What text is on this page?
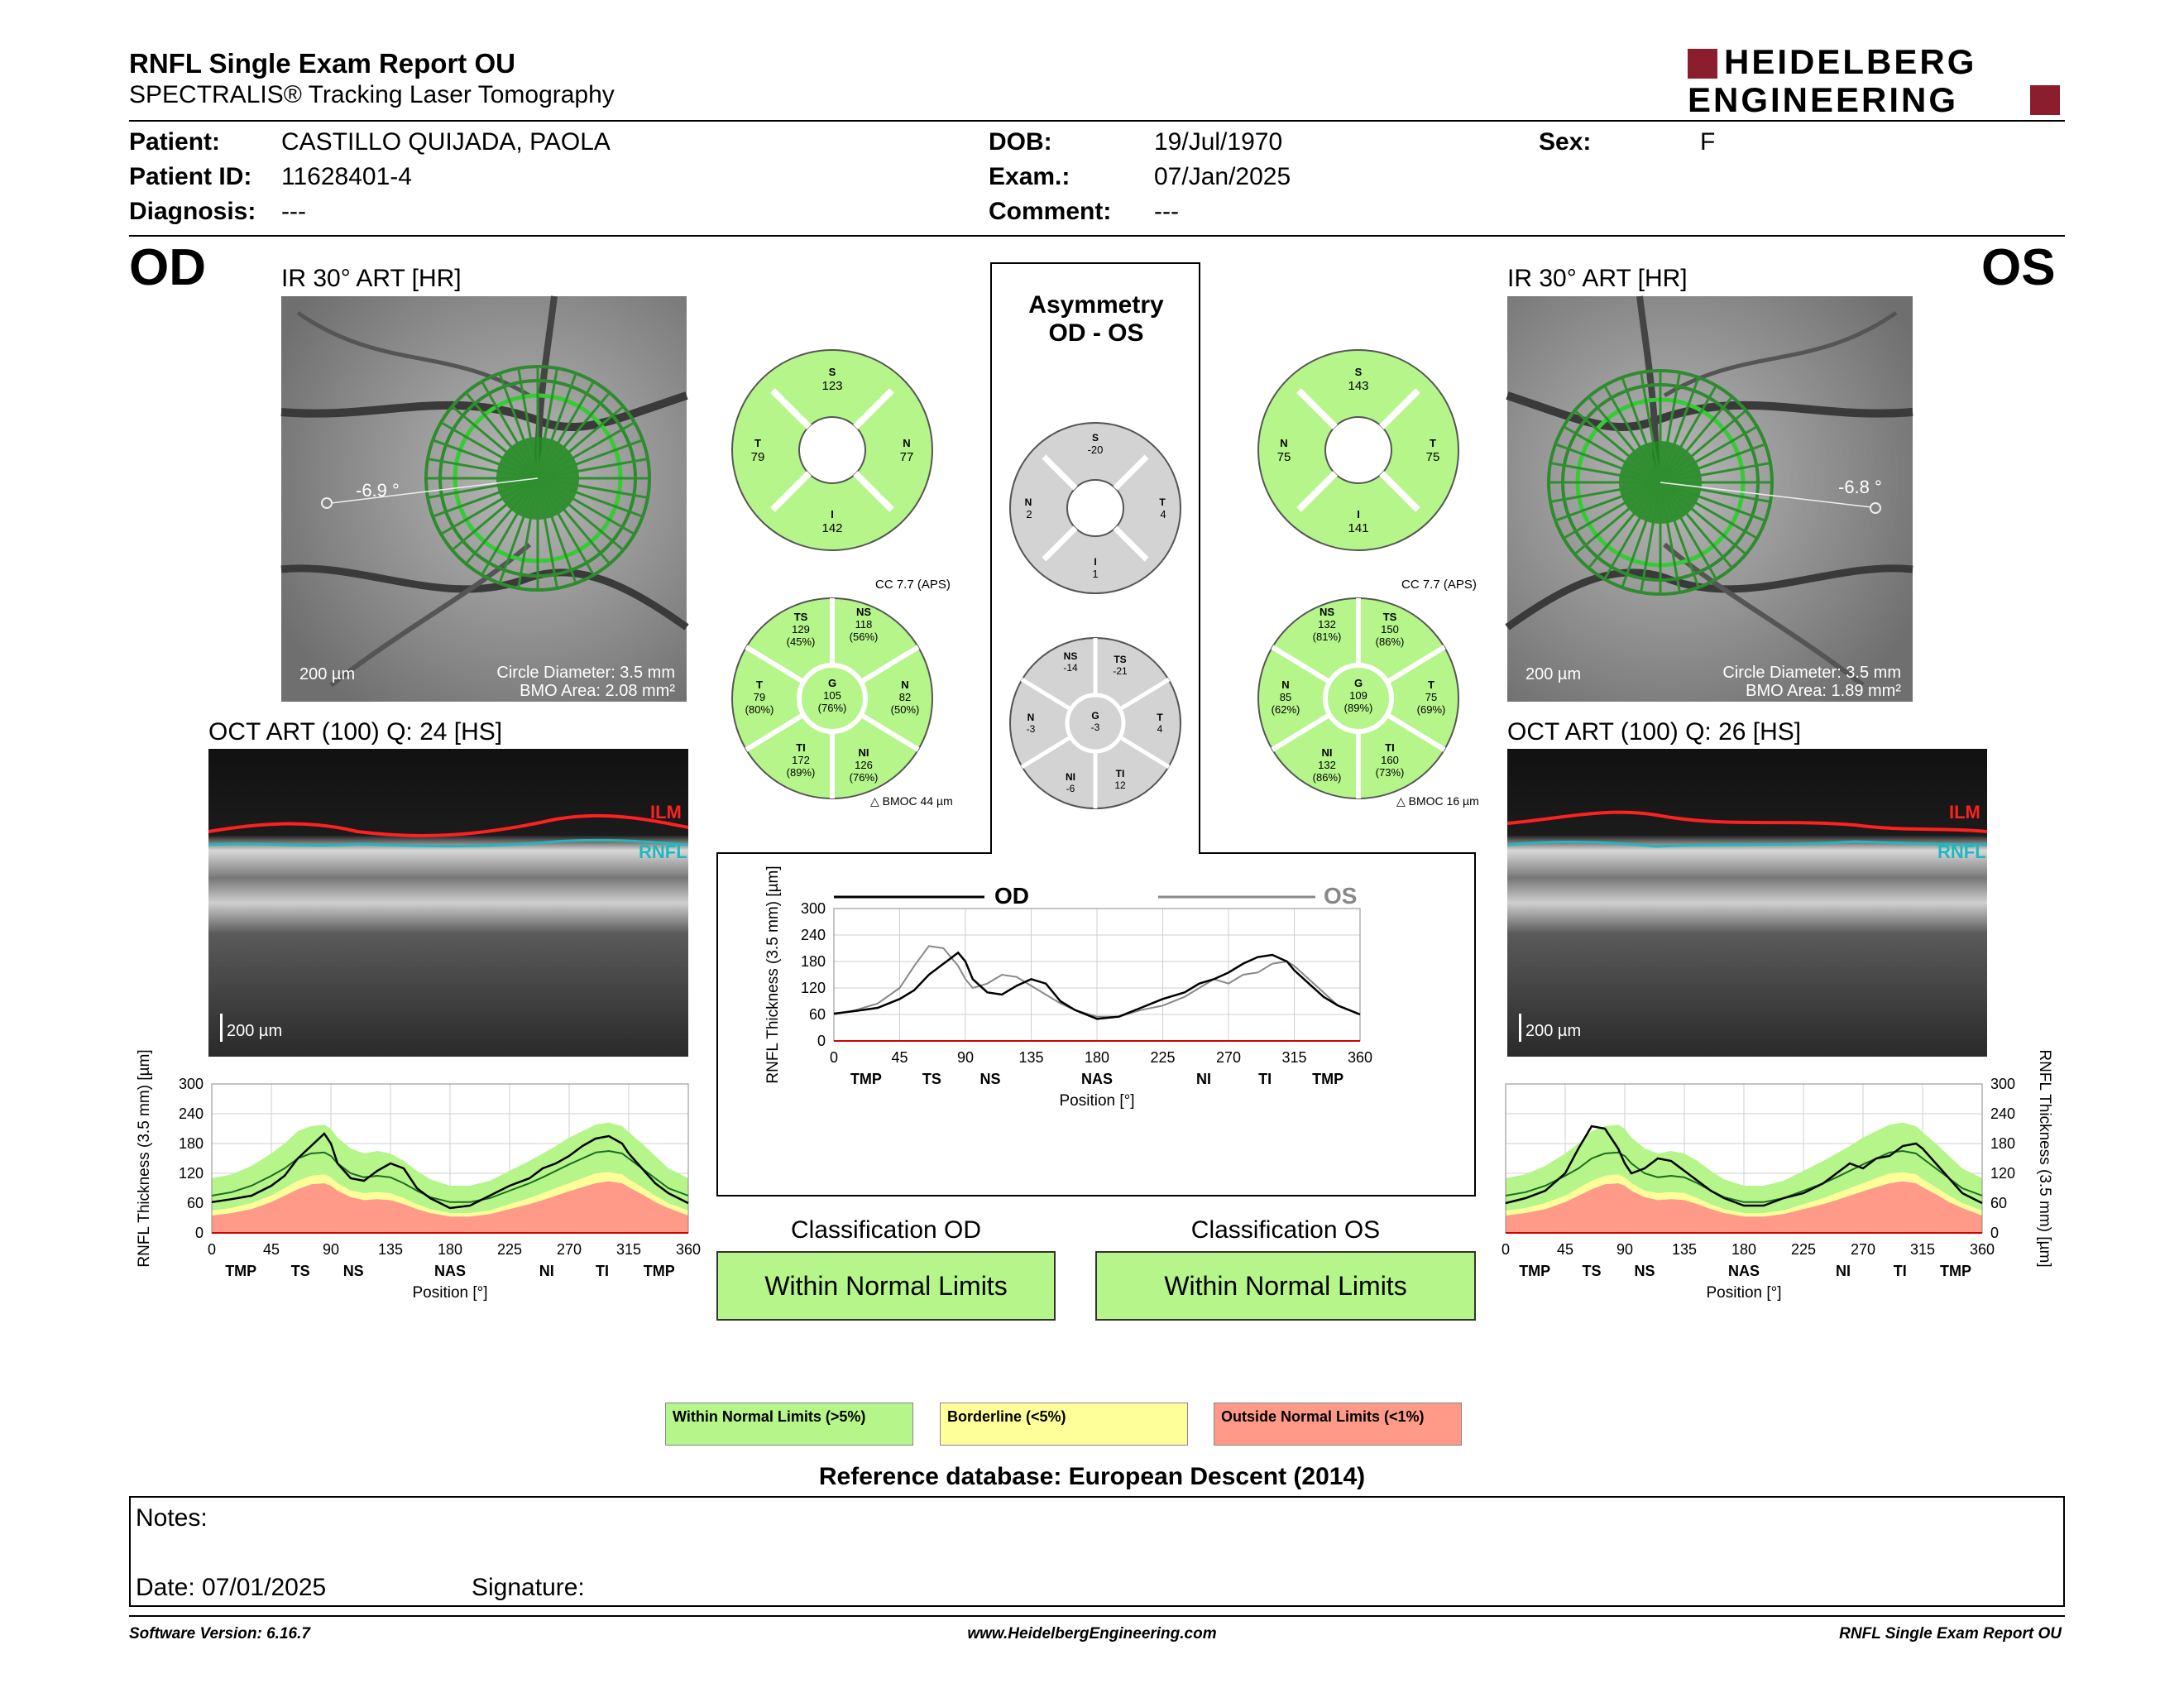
RNFL Single Exam Report OU
SPECTRALIS® Tracking Laser Tomography
HEIDELBERG
ENGINEERING
Patient: CASTILLO QUIJADA, PAOLA
Patient ID: 11628401-4
Diagnosis: ---
DOB:	19/Jul/1970
Exam.:	07/Jan/2025
Comment: ---
Sex:	F
OD	IR 30° ART [HR]
-6.9 °
200 µm	Circle Diameter: 3.5 mm
BMO Area: 2.08 mm²
OCT ART (100) Q: 24 [HS]
ILM
RNFL
200 µm
0
60
120
180
240
300
0	45	90	135 180 225 270 315 360
TMP TS NS	NAS	NI	TI TMP
Position [°]
RNFL Thickness (3.5 mm) [µm]
OS
IR 30° ART [HR]
-6.8 °
200 µm	Circle Diameter: 3.5 mm
BMO Area: 1.89 mm²
OCT ART (100) Q: 26 [HS]
ILM
RNFL
200 µm
0
60
120
180
240
300
0	45	90	135 180 225 270 315 360
TMP TS NS	NAS	NI	TI TMP
Position [°]
RNFL Thickness (3.5 mm) [µm]
Asymmetry
OD - OS
S
123
T
79
N
77
I
142
S
-20
N
2
T
4
I
1
S
143
N
75
T
75
I
141
CC 7.7 (APS)	CC 7.7 (APS)
TS
129
(45%)
NS
118
(56%)
T
79
(80%)
G
105
(76%)
N
82
(50%)
TI
172
(89%)
NI
126
(76%)
NS
-14
TS
-21
N
-3
G
-3
T
4
NI
-6
TI
12
NS
132
(81%)
TS
150
(86%)
N
85
(62%)
G
109
(89%)
T
75
(69%)
NI
132
(86%)
TI
160
(73%)
△ BMOC 44 µm	△ BMOC 16 µm
0
60
120
180
240
300
0	45	90	135	180	225	270	315	360
TMP	TS	NS	NAS	NI	TI	TMP
Position [°]
RNFL Thickness (3.5 mm) [µm]	OD	OS
Classification OD
Within Normal Limits
Classification OS
Within Normal Limits
Within Normal Limits (>5%)	Borderline (<5%)	Outside Normal Limits (<1%)
Reference database: European Descent (2014)
Notes:
Date: 07/01/2025	Signature:
Software Version: 6.16.7	www.HeidelbergEngineering.com	RNFL Single Exam Report OU
